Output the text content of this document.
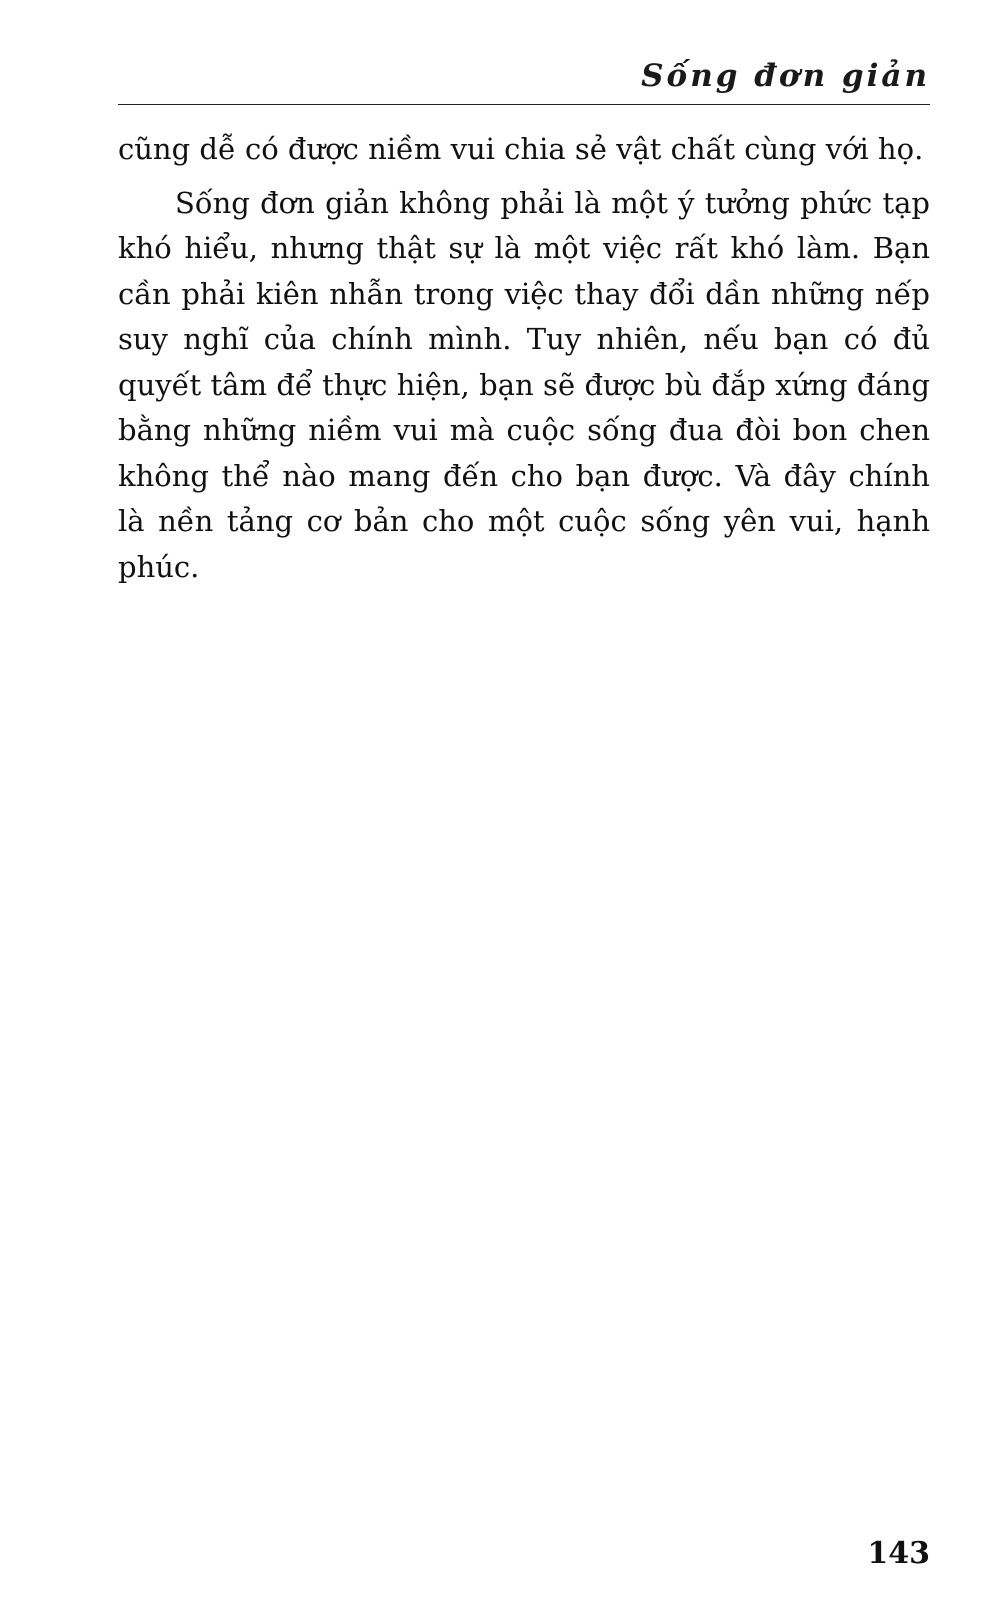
Sống đơn giản

cũng dễ có được niềm vui chia sẻ vật chất cùng với họ.

Sống đơn giản không phải là một ý tưởng phức tạp khó hiểu, nhưng thật sự là một việc rất khó làm. Bạn cần phải kiên nhẫn trong việc thay đổi dần những nếp suy nghĩ của chính mình. Tuy nhiên, nếu bạn có đủ quyết tâm để thực hiện, bạn sẽ được bù đắp xứng đáng bằng những niềm vui mà cuộc sống đua đòi bon chen không thể nào mang đến cho bạn được. Và đây chính là nền tảng cơ bản cho một cuộc sống yên vui, hạnh phúc.

143
